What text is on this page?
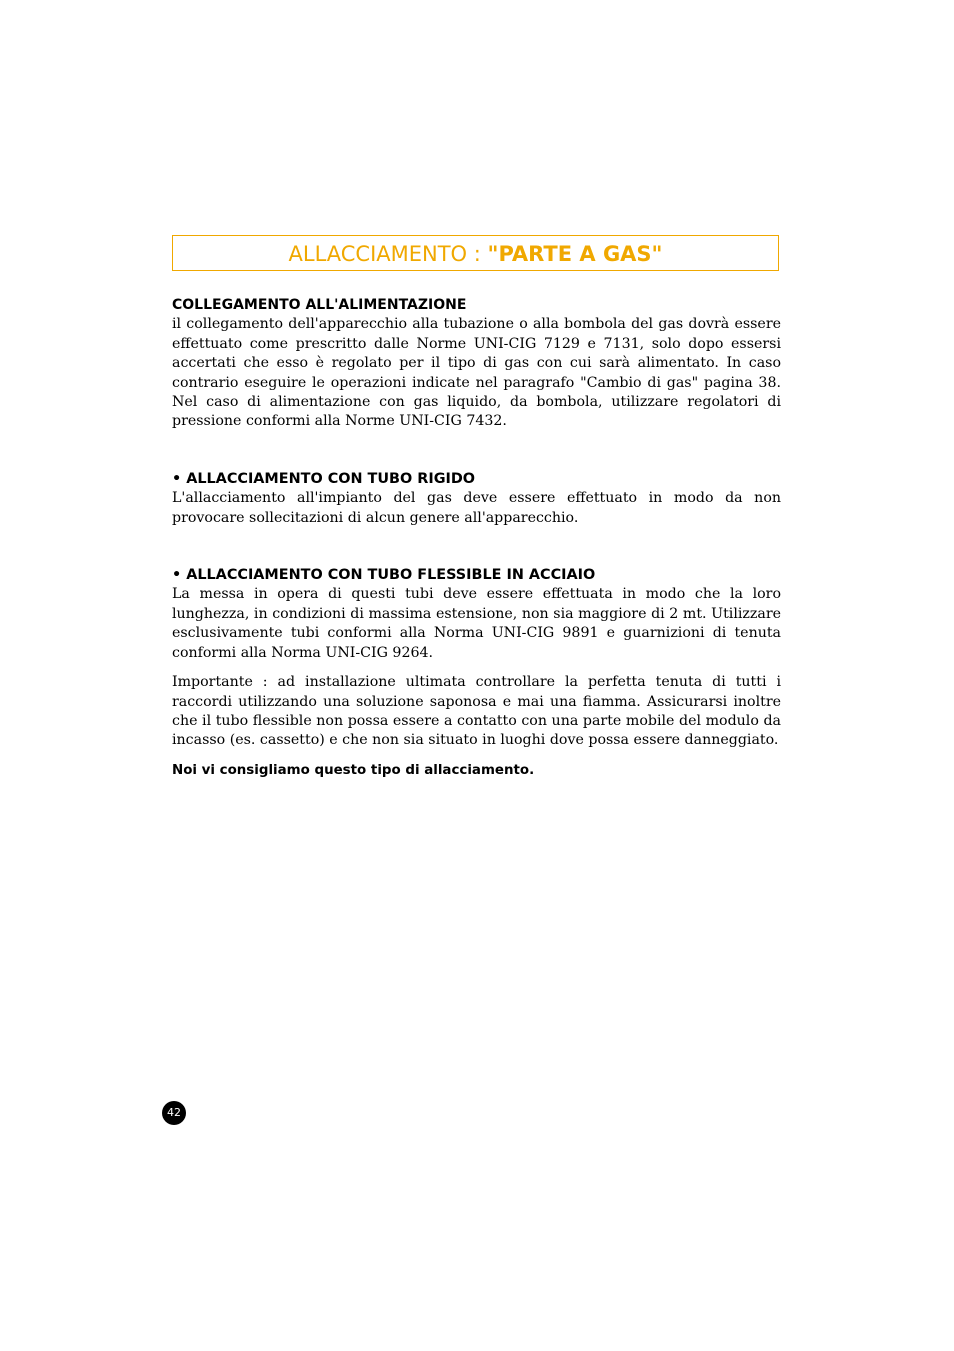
ALLACCIAMENTO : "PARTE A GAS"
COLLEGAMENTO ALL'ALIMENTAZIONE

il collegamento dell'apparecchio alla tubazione o alla bombola del gas dovrà essere effettuato come prescritto dalle Norme UNI-CIG 7129 e 7131, solo dopo essersi accertati che esso è regolato per il tipo di gas con cui sarà alimentato. In caso contrario eseguire le operazioni indicate nel paragrafo "Cambio di gas" pagina 38. Nel caso di alimentazione con gas liquido, da bombola, utilizzare regolatori di pressione conformi alla Norme UNI-CIG 7432.

• ALLACCIAMENTO CON TUBO RIGIDO

L'allacciamento all'impianto del gas deve essere effettuato in modo da non provocare sollecitazioni di alcun genere all'apparecchio.

• ALLACCIAMENTO CON TUBO FLESSIBLE IN ACCIAIO

La messa in opera di questi tubi deve essere effettuata in modo che la loro lunghezza, in condizioni di massima estensione, non sia maggiore di 2 mt. Utilizzare esclusivamente tubi conformi alla Norma UNI-CIG 9891 e guarnizioni di tenuta conformi alla Norma UNI-CIG 9264.

Importante : ad installazione ultimata controllare la perfetta tenuta di tutti i raccordi utilizzando una soluzione saponosa e mai una fiamma. Assicurarsi inoltre che il tubo flessible non possa essere a contatto con una parte mobile del modulo da incasso (es. cassetto) e che non sia situato in luoghi dove possa essere danneggiato.

Noi vi consigliamo questo tipo di allacciamento.

42
